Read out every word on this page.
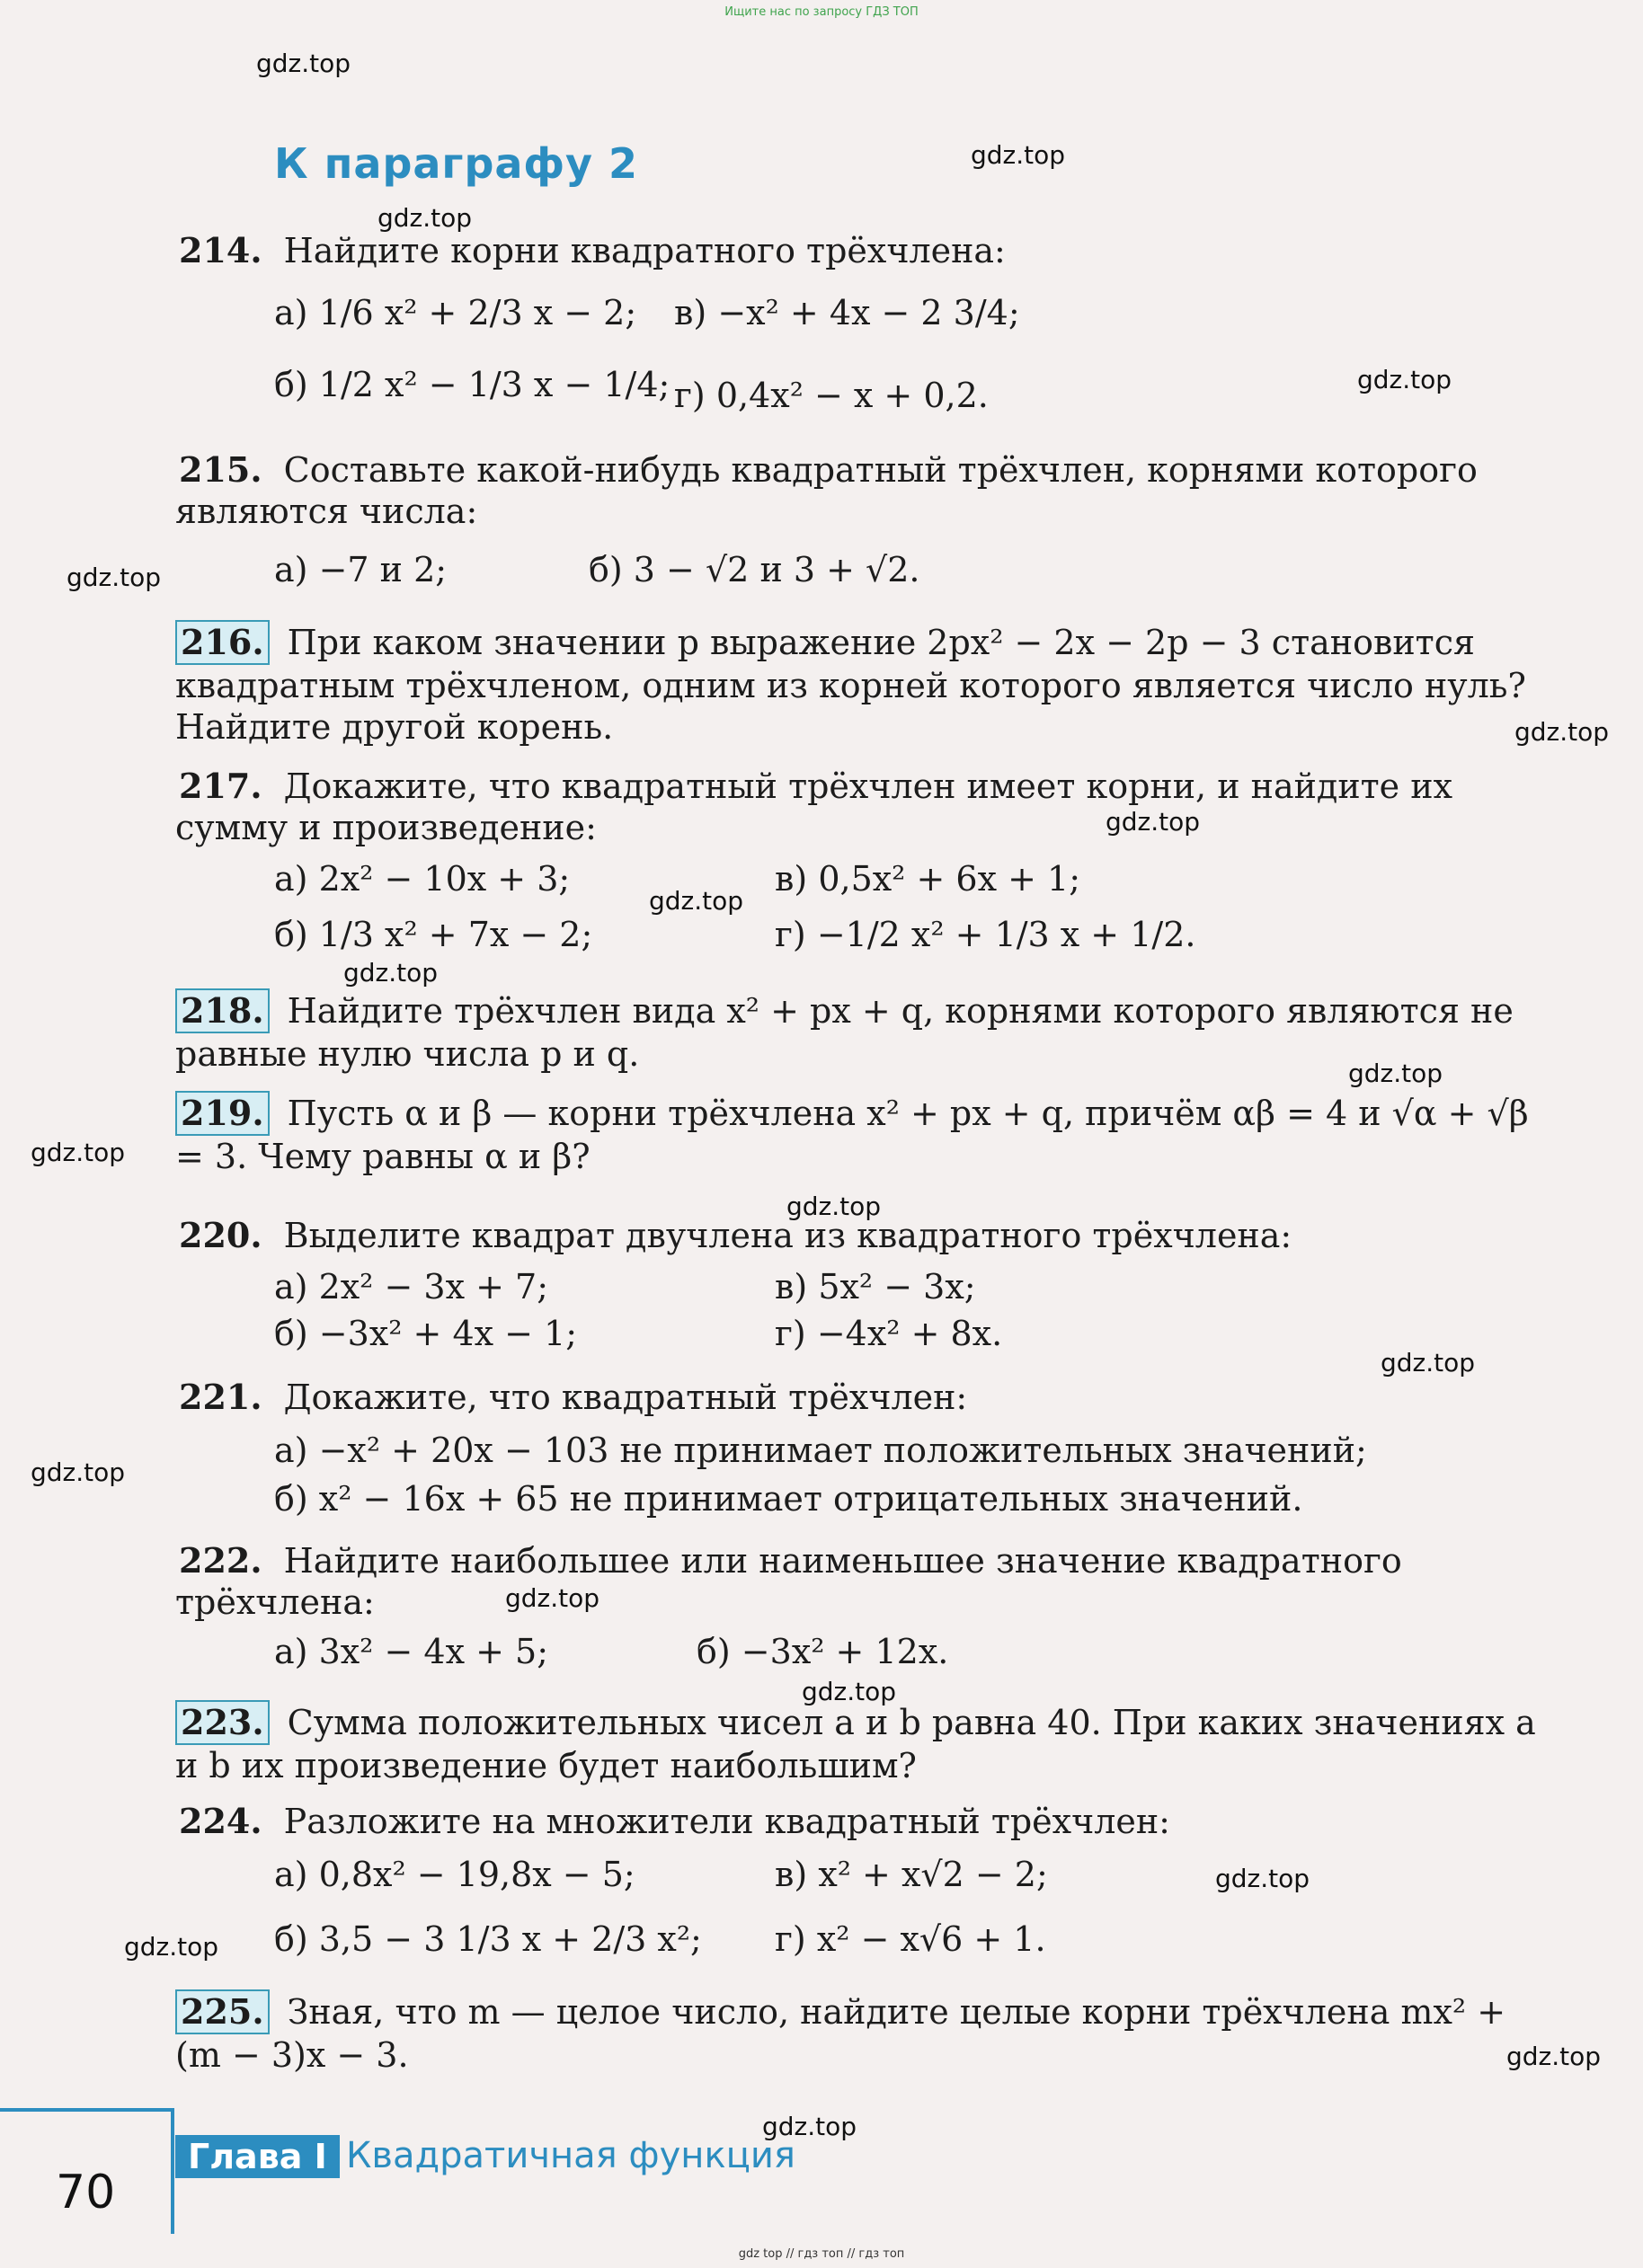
Ищите нас по запросу ГДЗ ТОП
К параграфу 2
gdz.top
gdz.top
gdz.top
gdz.top
gdz.top
gdz.top
gdz.top
gdz.top
gdz.top
gdz.top
gdz.top
gdz.top
gdz.top
gdz.top
gdz.top
gdz.top
gdz.top
gdz.top
gdz.top
gdz.top
214. Найдите корни квадратного трёхчлена:
а) 1/6 x² + 2/3 x − 2; в) −x² + 4x − 2 3/4;
б) 1/2 x² − 1/3 x − 1/4; г) 0,4x² − x + 0,2.
215. Составьте какой-нибудь квадратный трёхчлен, корнями которого являются числа:
а) −7 и 2;	б) 3 − √2 и 3 + √2.
216. При каком значении p выражение 2px² − 2x − 2p − 3 становится квадратным трёхчленом, одним из корней которого является число нуль? Найдите другой корень.
217. Докажите, что квадратный трёхчлен имеет корни, и найдите их сумму и произведение:
а) 2x² − 10x + 3;	в) 0,5x² + 6x + 1;
б) 1/3 x² + 7x − 2;	г) −1/2 x² + 1/3 x + 1/2.
218. Найдите трёхчлен вида x² + px + q, корнями которого являются не равные нулю числа p и q.
219. Пусть α и β — корни трёхчлена x² + px + q, причём αβ = 4 и √α + √β = 3. Чему равны α и β?
220. Выделите квадрат двучлена из квадратного трёхчлена:
а) 2x² − 3x + 7;	в) 5x² − 3x;
б) −3x² + 4x − 1;	г) −4x² + 8x.
221. Докажите, что квадратный трёхчлен:
а) −x² + 20x − 103 не принимает положительных значений;
б) x² − 16x + 65 не принимает отрицательных значений.
222. Найдите наибольшее или наименьшее значение квадратного трёхчлена:
а) 3x² − 4x + 5;	б) −3x² + 12x.
223. Сумма положительных чисел a и b равна 40. При каких значениях a и b их произведение будет наибольшим?
224. Разложите на множители квадратный трёхчлен:
а) 0,8x² − 19,8x − 5;	в) x² + x√2 − 2;
б) 3,5 − 3 1/3 x + 2/3 x²; г) x² − x√6 + 1.
225. Зная, что m — целое число, найдите целые корни трёхчлена mx² + (m − 3)x − 3.
70
Глава I Квадратичная функция
gdz top // гдз топ // гдз топ
